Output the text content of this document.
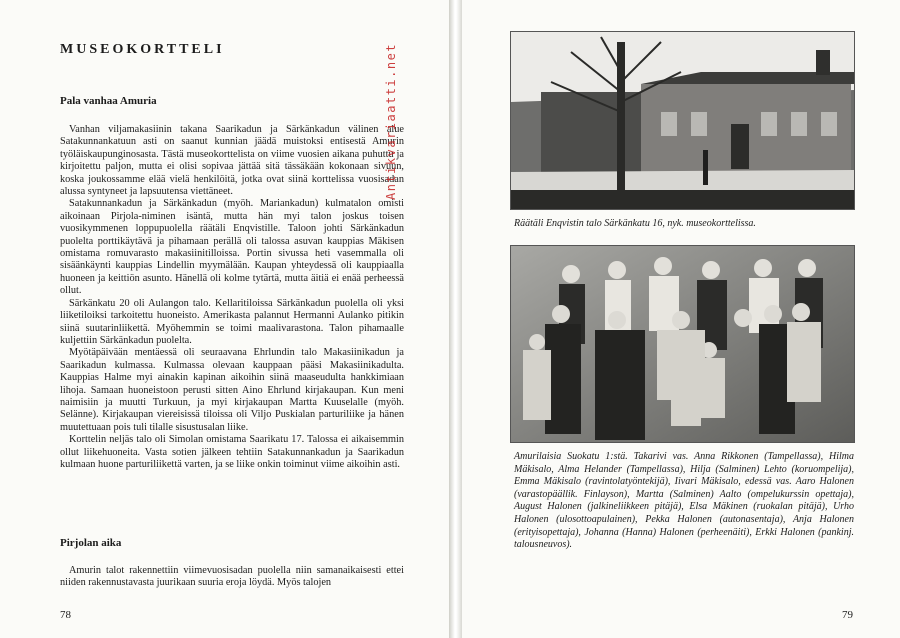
MUSEOKORTTELI
Pala vanhaa Amuria

Vanhan viljamakasiinin takana Saarikadun ja Särkänkadun välinen alue Satakunnankatuun asti on saanut kunnian jäädä muistoksi entisestä Amurin työläiskaupunginosasta. Tästä museokorttelista on viime vuosien aikana puhuttu ja kirjoitettu paljon, mutta ei olisi sopivaa jättää sitä tässäkään kokonaan sivuun, koska joukossamme elää vielä henkilöitä, jotka ovat siinä korttelissa vuosisadan alussa syntyneet ja lapsuutensa viettäneet.

Satakunnankadun ja Särkänkadun (myöh. Mariankadun) kulmatalon omisti aikoinaan Pirjola-niminen isäntä, mutta hän myi talon joskus toisen vuosikymmenen loppupuolella räätäli Enqvistille. Taloon johti Särkänkadun puolelta porttikäytävä ja pihamaan perällä oli talossa asuvan kauppias Mäkisen omistama romuvarasto makasiinitilloissa. Portin sivussa heti vasemmalla oli sisäänkäynti kauppias Lindellin myymälään. Kaupan yhteydessä oli kauppiaalla huoneen ja keittiön asunto. Hänellä oli kolme tytärtä, mutta äitiä ei enää perheessä ollut.

Särkänkatu 20 oli Aulangon talo. Kellaritiloissa Särkänkadun puolella oli yksi liiketiloiksi tarkoitettu huoneisto. Amerikasta palannut Hermanni Aulanko pitikin siinä suutarinliikettä. Myöhemmin se toimi maalivarastona. Talon pihamaalle kuljettiin Särkänkadun puolelta.

Myötäpäivään mentäessä oli seuraavana Ehrlundin talo Makasiinikadun ja Saarikadun kulmassa. Kulmassa olevaan kauppaan pääsi Makasiinikadulta. Kauppias Halme myi ainakin kapinan aikoihin siinä maaseudulta hankkimiaan lihoja. Samaan huoneistoon perusti sitten Aino Ehrlund kirjakaupan. Kun meni naimisiin ja muutti Turkuun, ja myi kirjakaupan Martta Kuuselalle (myöh. Selänne). Kirjakaupan viereisissä tiloissa oli Viljo Puskialan parturiliike ja hänen muutettuaan pois tuli tilalle sisustusalan liike.

Korttelin neljäs talo oli Simolan omistama Saarikatu 17. Talossa ei aikaisemmin ollut liikehuoneita. Vasta sotien jälkeen tehtiin Satakunnankadun ja Saarikadun kulmaan huone parturiliikettä varten, ja se liike onkin toiminut viime aikoihin asti.

Pirjolan aika

Amurin talot rakennettiin viimevuosisadan puolella niin samanaikaisesti ettei niiden rakennustavasta juurikaan suuria eroja löydä. Myös talojen

78
Antikvariaatti.net

Räätäli Enqvistin talo Särkänkatu 16, nyk. museokorttelissa.

Amurilaisia Suokatu 1:stä. Takarivi vas. Anna Rikkonen (Tampellassa), Hilma Mäkisalo, Alma Helander (Tampellassa), Hilja (Salminen) Lehto (koruompelija), Emma Mäkisalo (ravintolatyöntekijä), Iivari Mäkisalo, edessä vas. Aaro Halonen (varastopäällik. Finlayson), Martta (Salminen) Aalto (ompelukurssin opettaja), August Halonen (jalkineliikkeen pitäjä), Elsa Mäkinen (ruokalan pitäjä), Urho Halonen (ulosottoapulainen), Pekka Halonen (autonasentaja), Anja Halonen (erityisopettaja), Johanna (Hanna) Halonen (perheenäiti), Erkki Halonen (pankinj. talousneuvos).

79
